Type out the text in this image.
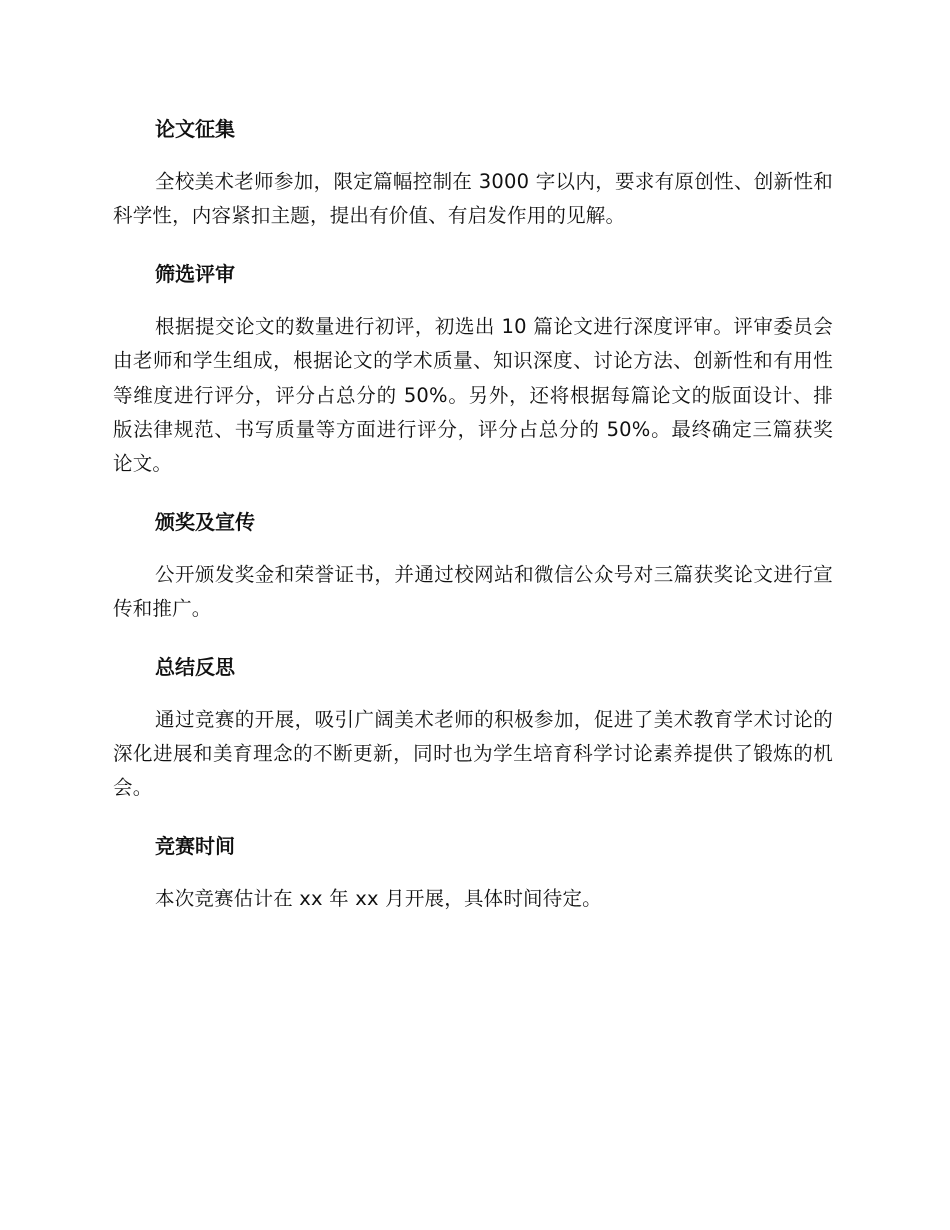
论文征集

全校美术老师参加，限定篇幅控制在 3000 字以内，要求有原创性、创新性和科学性，内容紧扣主题，提出有价值、有启发作用的见解。

筛选评审

根据提交论文的数量进行初评，初选出 10 篇论文进行深度评审。评审委员会由老师和学生组成，根据论文的学术质量、知识深度、讨论方法、创新性和有用性等维度进行评分，评分占总分的 50%。另外，还将根据每篇论文的版面设计、排版法律规范、书写质量等方面进行评分，评分占总分的 50%。最终确定三篇获奖论文。

颁奖及宣传

公开颁发奖金和荣誉证书，并通过校网站和微信公众号对三篇获奖论文进行宣传和推广。

总结反思

通过竞赛的开展，吸引广阔美术老师的积极参加，促进了美术教育学术讨论的深化进展和美育理念的不断更新，同时也为学生培育科学讨论素养提供了锻炼的机会。

竞赛时间

本次竞赛估计在 xx 年 xx 月开展，具体时间待定。
